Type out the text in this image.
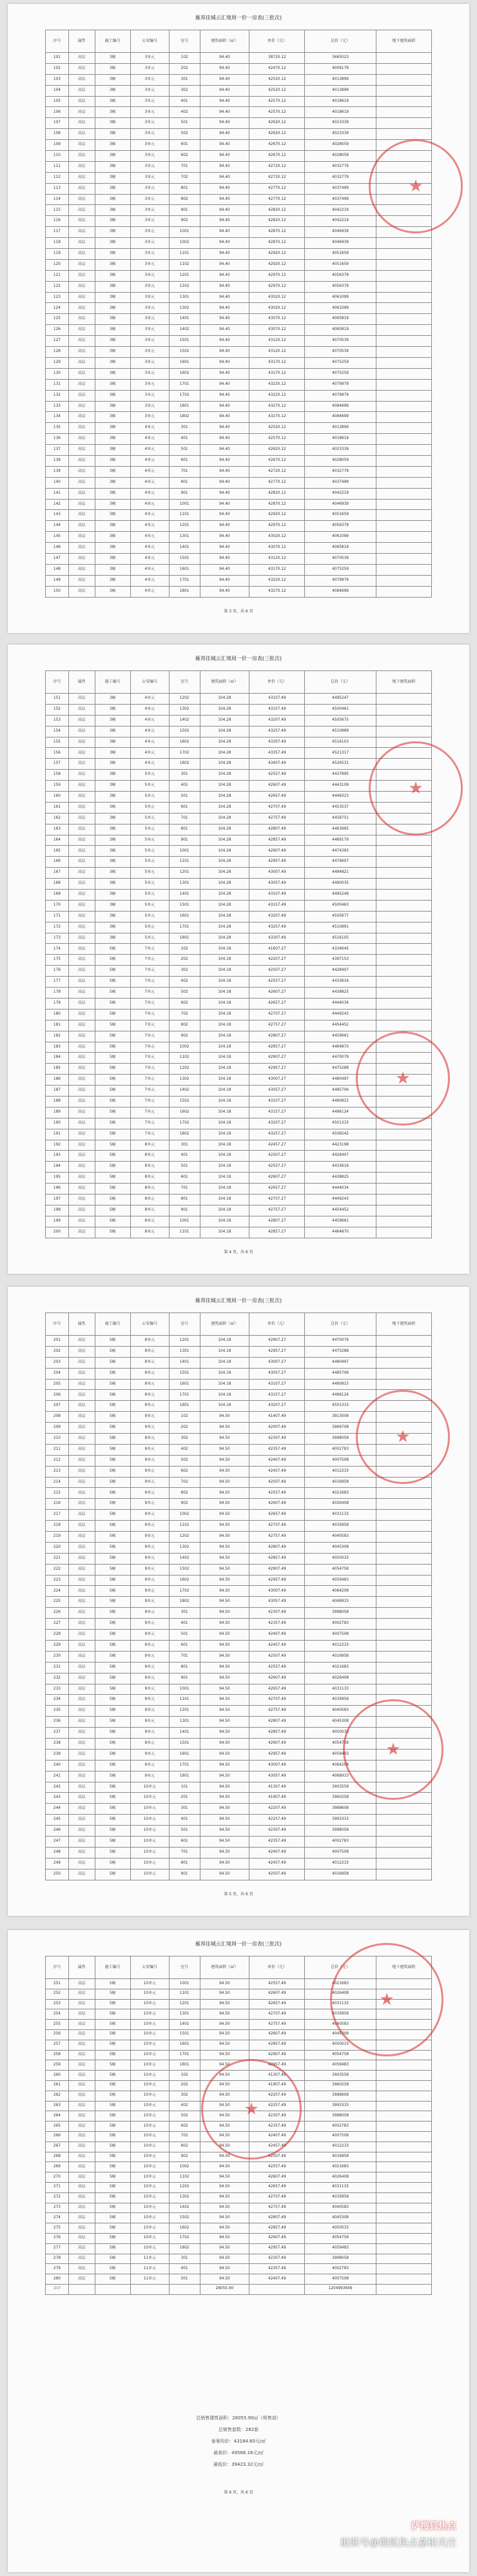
雁邦佳城云汇境周一价一房表(三批次)
序号	属性	施工编号	公安编号	室号	建筑面积（㎡）	单价（元）	总价（元）	地下建筑面积
101	高层	3幢	3单元	102	94.40	38720.12	3665023	
102	高层	3幢	3单元	202	94.40	42470.12	4009179	
103	高层	3幢	3单元	301	94.40	42520.12	4013899	
104	高层	3幢	3单元	302	94.40	42520.12	4013899	
105	高层	3幢	3单元	401	94.40	42570.12	4018619	
106	高层	3幢	3单元	402	94.40	42570.12	4018619	
107	高层	3幢	3单元	501	94.40	42620.12	4023339	
108	高层	3幢	3单元	502	94.40	42620.12	4023339	
109	高层	3幢	3单元	601	94.40	42670.12	4028059	
110	高层	3幢	3单元	602	94.40	42670.12	4028059	
111	高层	3幢	3单元	701	94.40	42720.12	4032779	
112	高层	3幢	3单元	702	94.40	42720.12	4032779	
113	高层	3幢	3单元	801	94.40	42770.12	4037499	
114	高层	3幢	3单元	802	94.40	42770.12	4037499	
115	高层	3幢	3单元	901	94.40	42820.12	4042219	
116	高层	3幢	3单元	902	94.40	42820.12	4042219	
117	高层	3幢	3单元	1001	94.40	42870.12	4046939	
118	高层	3幢	3单元	1002	94.40	42870.12	4046939	
119	高层	3幢	3单元	1101	94.40	42920.12	4051659	
120	高层	3幢	3单元	1102	94.40	42920.12	4051659	
121	高层	3幢	3单元	1201	94.40	42970.12	4056379	
122	高层	3幢	3单元	1202	94.40	42970.12	4056379	
123	高层	3幢	3单元	1301	94.40	43020.12	4061099	
124	高层	3幢	3单元	1302	94.40	43020.12	4061099	
125	高层	3幢	3单元	1401	94.40	43070.12	4065819	
126	高层	3幢	3单元	1402	94.40	43070.12	4065819	
127	高层	3幢	3单元	1501	94.40	43120.12	4070539	
128	高层	3幢	3单元	1502	94.40	43120.12	4070539	
129	高层	3幢	3单元	1601	94.40	43170.12	4075259	
130	高层	3幢	3单元	1602	94.40	43170.12	4075259	
131	高层	3幢	3单元	1701	94.40	43220.12	4079979	
132	高层	3幢	3单元	1702	94.40	43220.12	4079979	
133	高层	3幢	3单元	1801	94.40	43270.12	4084699	
134	高层	3幢	3单元	1802	94.40	43270.12	4084699	
135	高层	3幢	4单元	301	94.40	42520.12	4013899	
136	高层	3幢	4单元	401	94.40	42570.12	4018619	
137	高层	3幢	4单元	501	94.40	42620.12	4023339	
138	高层	3幢	4单元	601	94.40	42670.12	4028059	
139	高层	3幢	4单元	701	94.40	42720.12	4032779	
140	高层	3幢	4单元	801	94.40	42770.12	4037499	
141	高层	3幢	4单元	901	94.40	42820.12	4042219	
142	高层	3幢	4单元	1001	94.40	42870.12	4046939	
143	高层	3幢	4单元	1101	94.40	42920.12	4051659	
144	高层	3幢	4单元	1201	94.40	42970.12	4056379	
145	高层	3幢	4单元	1301	94.40	43020.12	4061099	
146	高层	3幢	4单元	1401	94.40	43070.12	4065819	
147	高层	3幢	4单元	1501	94.40	43120.12	4070539	
148	高层	3幢	4单元	1601	94.40	43170.12	4075259	
149	高层	3幢	4单元	1701	94.40	43220.12	4079979	
150	高层	3幢	4单元	1801	94.40	43270.12	4084699	
★
第 3 页，共 6 页
雁邦佳城云汇境周一价一房表(三批次)
序号	属性	施工编号	公安编号	室号	建筑面积（㎡）	单价（元）	总价（元）	地下建筑面积
151	高层	3幢	4单元	1202	104.28	43107.49	4495247	
152	高层	3幢	4单元	1302	104.28	43157.49	4500461	
153	高层	3幢	4单元	1402	104.28	43207.49	4505675	
154	高层	3幢	4单元	1502	104.28	43257.49	4510889	
155	高层	3幢	4单元	1602	104.28	43307.49	4516103	
156	高层	3幢	4单元	1702	104.28	43357.49	4521317	
157	高层	3幢	4单元	1802	104.28	43407.49	4526531	
158	高层	3幢	5单元	301	104.28	42557.49	4437895	
159	高层	3幢	5单元	401	104.28	42607.49	4443109	
160	高层	3幢	5单元	501	104.28	42657.49	4448323	
161	高层	3幢	5单元	601	104.28	42707.49	4453537	
162	高层	3幢	5单元	701	104.28	42757.49	4458751	
163	高层	3幢	5单元	801	104.28	42807.49	4463965	
164	高层	3幢	5单元	901	104.28	42857.49	4469179	
165	高层	3幢	5单元	1001	104.28	42907.49	4474393	
166	高层	3幢	5单元	1101	104.28	42957.49	4479607	
167	高层	3幢	5单元	1201	104.28	43007.49	4484821	
168	高层	3幢	5单元	1301	104.28	43057.49	4490035	
169	高层	3幢	5单元	1401	104.28	43107.49	4495249	
170	高层	3幢	5单元	1501	104.28	43157.49	4500463	
171	高层	3幢	5单元	1601	104.28	43207.49	4505677	
172	高层	3幢	5单元	1701	104.28	43257.49	4510891	
173	高层	3幢	5单元	1801	104.28	43307.49	4516105	
174	高层	5幢	7单元	102	104.18	41607.27	4334645	
175	高层	5幢	7单元	202	104.18	42207.27	4397153	
176	高层	5幢	7单元	302	104.18	42507.27	4428407	
177	高层	5幢	7单元	402	104.18	42557.27	4433616	
178	高层	5幢	7单元	502	104.18	42607.27	4438825	
179	高层	5幢	7单元	602	104.18	42657.27	4444034	
180	高层	5幢	7单元	702	104.18	42707.27	4449243	
181	高层	5幢	7单元	802	104.18	42757.27	4454452	
182	高层	5幢	7单元	902	104.18	42807.27	4459661	
183	高层	5幢	7单元	1002	104.18	42857.27	4464870	
184	高层	5幢	7单元	1102	104.18	42907.27	4470079	
185	高层	5幢	7单元	1202	104.18	42957.27	4475288	
186	高层	5幢	7单元	1302	104.18	43007.27	4480497	
187	高层	5幢	7单元	1402	104.18	43057.27	4485706	
188	高层	5幢	7单元	1502	104.18	43107.27	4490915	
189	高层	5幢	7单元	1602	104.18	43157.27	4496124	
190	高层	5幢	7单元	1702	104.18	43207.27	4501333	
191	高层	5幢	7单元	1802	104.18	43257.27	4506542	
192	高层	5幢	8单元	301	104.18	42457.27	4423198	
193	高层	5幢	8单元	401	104.18	42507.27	4428407	
194	高层	5幢	8单元	501	104.18	42557.27	4433616	
195	高层	5幢	8单元	601	104.18	42607.27	4438825	
196	高层	5幢	8单元	701	104.18	42657.27	4444034	
197	高层	5幢	8单元	801	104.18	42707.27	4449243	
198	高层	5幢	8单元	901	104.18	42757.27	4454452	
199	高层	5幢	8单元	1001	104.18	42807.27	4459661	
200	高层	5幢	8单元	1101	104.18	42857.27	4464870	
★
★
第 4 页，共 6 页
雁邦佳城云汇境周一价一房表(三批次)
序号	属性	施工编号	公安编号	室号	建筑面积（㎡）	单价（元）	总价（元）	地下建筑面积
201	高层	5幢	8单元	1201	104.18	42907.27	4470079	
202	高层	5幢	8单元	1301	104.18	42957.27	4475288	
203	高层	5幢	8单元	1401	104.18	43007.27	4480497	
204	高层	5幢	8单元	1501	104.18	43057.27	4485706	
205	高层	5幢	8单元	1601	104.18	43107.27	4490915	
206	高层	5幢	8单元	1701	104.18	43157.27	4496124	
207	高层	5幢	8单元	1801	104.18	43207.27	4501333	
208	高层	5幢	9单元	102	94.50	41407.49	3913008	
209	高层	5幢	9单元	202	94.50	42007.49	3969708	
210	高层	5幢	9单元	302	94.50	42307.49	3998058	
211	高层	5幢	9单元	402	94.50	42357.49	4002783	
212	高层	5幢	9单元	502	94.50	42407.49	4007508	
213	高层	5幢	9单元	602	94.50	42457.49	4012233	
214	高层	5幢	9单元	702	94.50	42507.49	4016958	
215	高层	5幢	9单元	802	94.50	42557.49	4021683	
216	高层	5幢	9单元	902	94.50	42607.49	4026408	
217	高层	5幢	9单元	1002	94.50	42657.49	4031133	
218	高层	5幢	9单元	1102	94.50	42707.49	4035858	
219	高层	5幢	9单元	1202	94.50	42757.49	4040583	
220	高层	5幢	9单元	1302	94.50	42807.49	4045308	
221	高层	5幢	9单元	1402	94.50	42857.49	4050033	
222	高层	5幢	9单元	1502	94.50	42907.49	4054758	
223	高层	5幢	9单元	1602	94.50	42957.49	4059483	
224	高层	5幢	9单元	1702	94.50	43007.49	4064208	
225	高层	5幢	9单元	1802	94.50	43057.49	4068933	
226	高层	5幢	9单元	301	94.50	42307.49	3998058	
227	高层	5幢	9单元	401	94.50	42357.49	4002783	
228	高层	5幢	9单元	501	94.50	42407.49	4007508	
229	高层	5幢	9单元	601	94.50	42457.49	4012233	
230	高层	5幢	9单元	701	94.50	42507.49	4016958	
231	高层	5幢	9单元	801	94.50	42557.49	4021683	
232	高层	5幢	9单元	901	94.50	42607.49	4026408	
233	高层	5幢	9单元	1001	94.50	42657.49	4031133	
234	高层	5幢	9单元	1101	94.50	42707.49	4035858	
235	高层	5幢	9单元	1201	94.50	42757.49	4040583	
236	高层	5幢	9单元	1301	94.50	42807.49	4045308	
237	高层	5幢	9单元	1401	94.50	42857.49	4050033	
238	高层	5幢	9单元	1501	94.50	42907.49	4054758	
239	高层	5幢	9单元	1601	94.50	42957.49	4059483	
240	高层	5幢	9单元	1701	94.50	43007.49	4064208	
241	高层	5幢	9单元	1801	94.50	43057.49	4068933	
242	高层	5幢	10单元	101	94.50	41307.49	3903558	
243	高层	5幢	10单元	201	94.50	41907.49	3960258	
244	高层	5幢	10单元	301	94.50	42207.49	3988608	
245	高层	5幢	10单元	401	94.50	42257.49	3993333	
246	高层	5幢	10单元	501	94.50	42307.49	3998058	
247	高层	5幢	10单元	601	94.50	42357.49	4002783	
248	高层	5幢	10单元	701	94.50	42407.49	4007508	
249	高层	5幢	10单元	801	94.50	42457.49	4012233	
250	高层	5幢	10单元	901	94.50	42507.49	4016958	
★
★
第 5 页，共 6 页
雁邦佳城云汇境周一价一房表(三批次)
序号	属性	施工编号	公安编号	室号	建筑面积（㎡）	单价（元）	总价（元）	地下建筑面积
251	高层	5幢	10单元	1001	94.50	42557.49	4021683	
252	高层	5幢	10单元	1101	94.50	42607.49	4026408	
253	高层	5幢	10单元	1201	94.50	42657.49	4031133	
254	高层	5幢	10单元	1301	94.50	42707.49	4035858	
255	高层	5幢	10单元	1401	94.50	42757.49	4040583	
256	高层	5幢	10单元	1501	94.50	42807.49	4045308	
257	高层	5幢	10单元	1601	94.50	42857.49	4050033	
258	高层	5幢	10单元	1701	94.50	42907.49	4054758	
259	高层	5幢	10单元	1801	94.50	42957.49	4059483	
260	高层	5幢	10单元	102	94.50	41307.49	3903558	
261	高层	5幢	10单元	202	94.50	41907.49	3960258	
262	高层	5幢	10单元	302	94.50	42207.49	3988608	
263	高层	5幢	10单元	402	94.50	42257.49	3993333	
264	高层	5幢	10单元	502	94.50	42307.49	3998058	
265	高层	5幢	10单元	602	94.50	42357.49	4002783	
266	高层	5幢	10单元	702	94.50	42407.49	4007508	
267	高层	5幢	10单元	802	94.50	42457.49	4012233	
268	高层	5幢	10单元	902	94.50	42507.49	4016958	
269	高层	5幢	10单元	1002	94.50	42557.49	4021683	
270	高层	5幢	10单元	1102	94.50	42607.49	4026408	
271	高层	5幢	10单元	1202	94.50	42657.49	4031133	
272	高层	5幢	10单元	1302	94.50	42707.49	4035858	
273	高层	5幢	10单元	1402	94.50	42757.49	4040583	
274	高层	5幢	10单元	1502	94.50	42807.49	4045308	
275	高层	5幢	10单元	1602	94.50	42857.49	4050033	
276	高层	5幢	10单元	1702	94.50	42907.49	4054758	
277	高层	5幢	10单元	1802	94.50	42957.49	4059483	
278	高层	5幢	11单元	301	94.50	42307.49	3998058	
279	高层	5幢	11单元	401	94.50	42357.49	4002783	
280	高层	5幢	11单元	501	94.50	42407.49	4007508	
合计					28055.90		1204993649	
★
★
总销售建筑面积：28055.90㎡（明售部）
总销售套数：282套
备案均价：43184.60元/㎡
最高价：49566.16元/㎡
最低价：39423.32元/㎡
第 6 页，共 6 页
萨搜狐焦点
报联号@搜狐焦点嘉相关注
